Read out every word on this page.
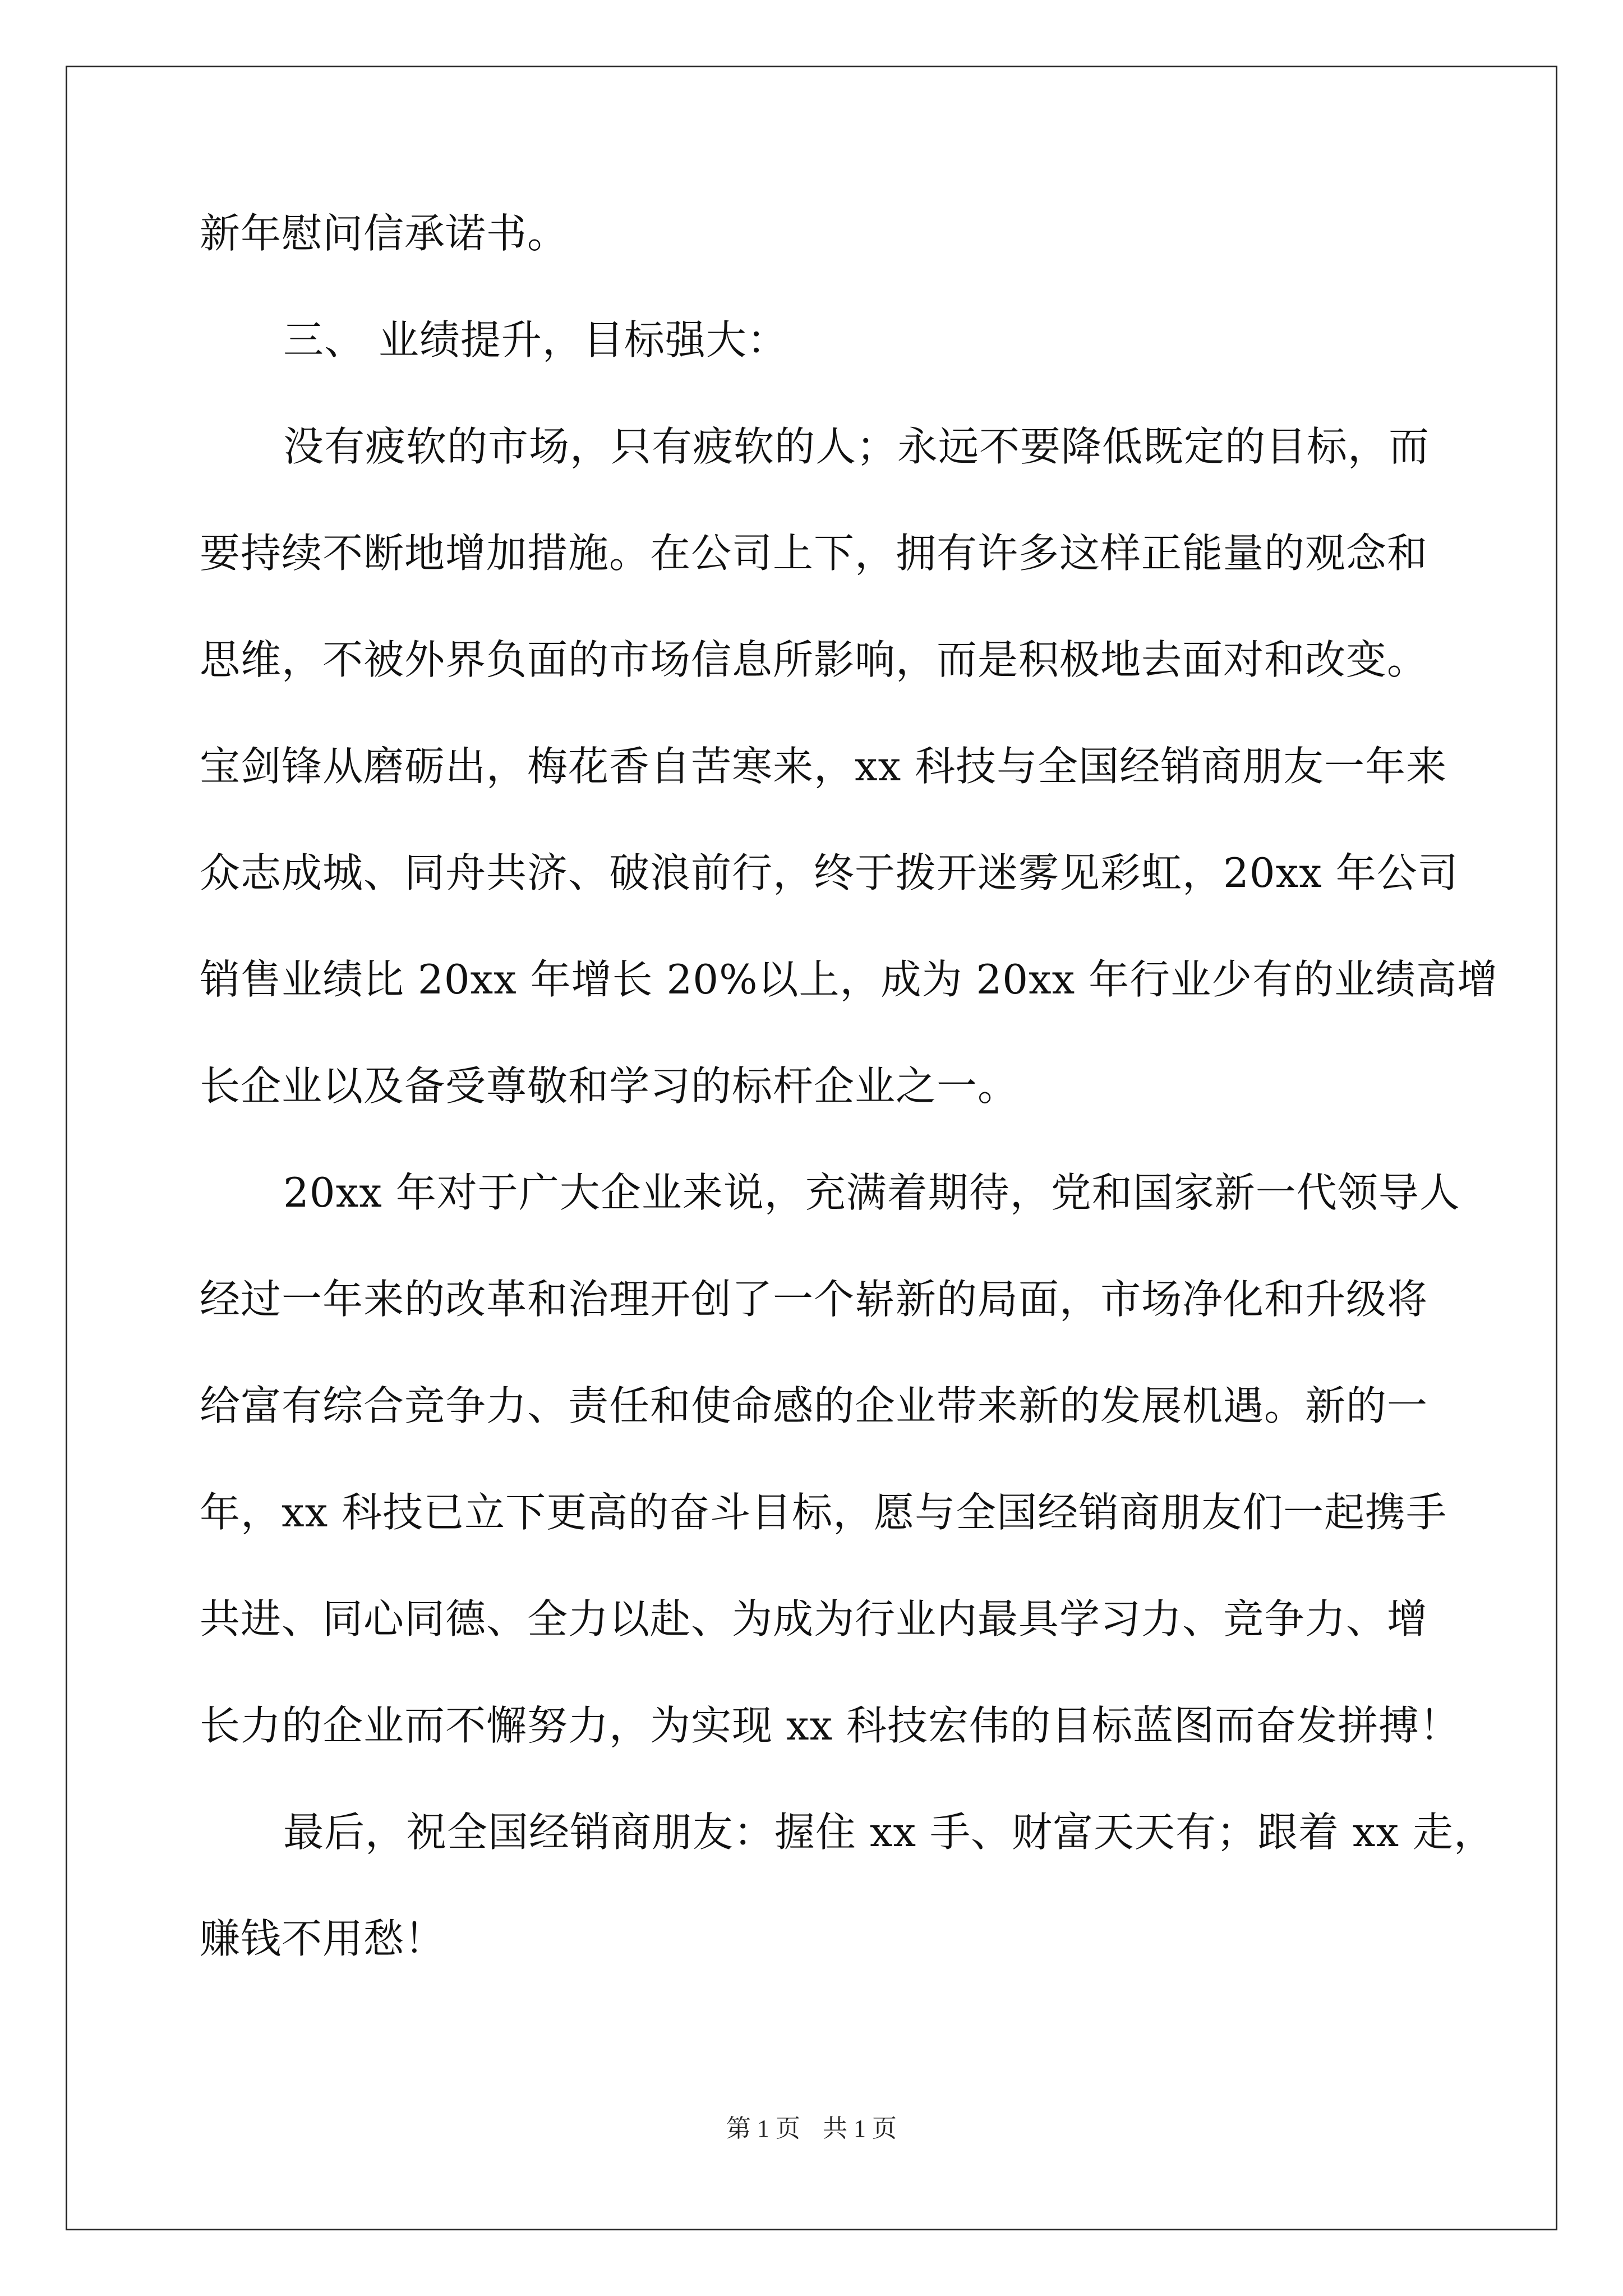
新年慰问信承诺书。
三、 业绩提升，目标强大：
没有疲软的市场，只有疲软的人；永远不要降低既定的目标，而
要持续不断地增加措施。在公司上下，拥有许多这样正能量的观念和
思维，不被外界负面的市场信息所影响，而是积极地去面对和改变。
宝剑锋从磨砺出，梅花香自苦寒来，xx 科技与全国经销商朋友一年来
众志成城、同舟共济、破浪前行，终于拨开迷雾见彩虹，20xx 年公司
销售业绩比 20xx 年增长 20%以上，成为 20xx 年行业少有的业绩高增
长企业以及备受尊敬和学习的标杆企业之一。
20xx 年对于广大企业来说，充满着期待，党和国家新一代领导人
经过一年来的改革和治理开创了一个崭新的局面，市场净化和升级将
给富有综合竞争力、责任和使命感的企业带来新的发展机遇。新的一
年，xx 科技已立下更高的奋斗目标，愿与全国经销商朋友们一起携手
共进、同心同德、全力以赴、为成为行业内最具学习力、竞争力、增
长力的企业而不懈努力，为实现 xx 科技宏伟的目标蓝图而奋发拼搏！
最后，祝全国经销商朋友：握住 xx 手、财富天天有；跟着 xx 走，
赚钱不用愁！
第 1 页 共 1 页
